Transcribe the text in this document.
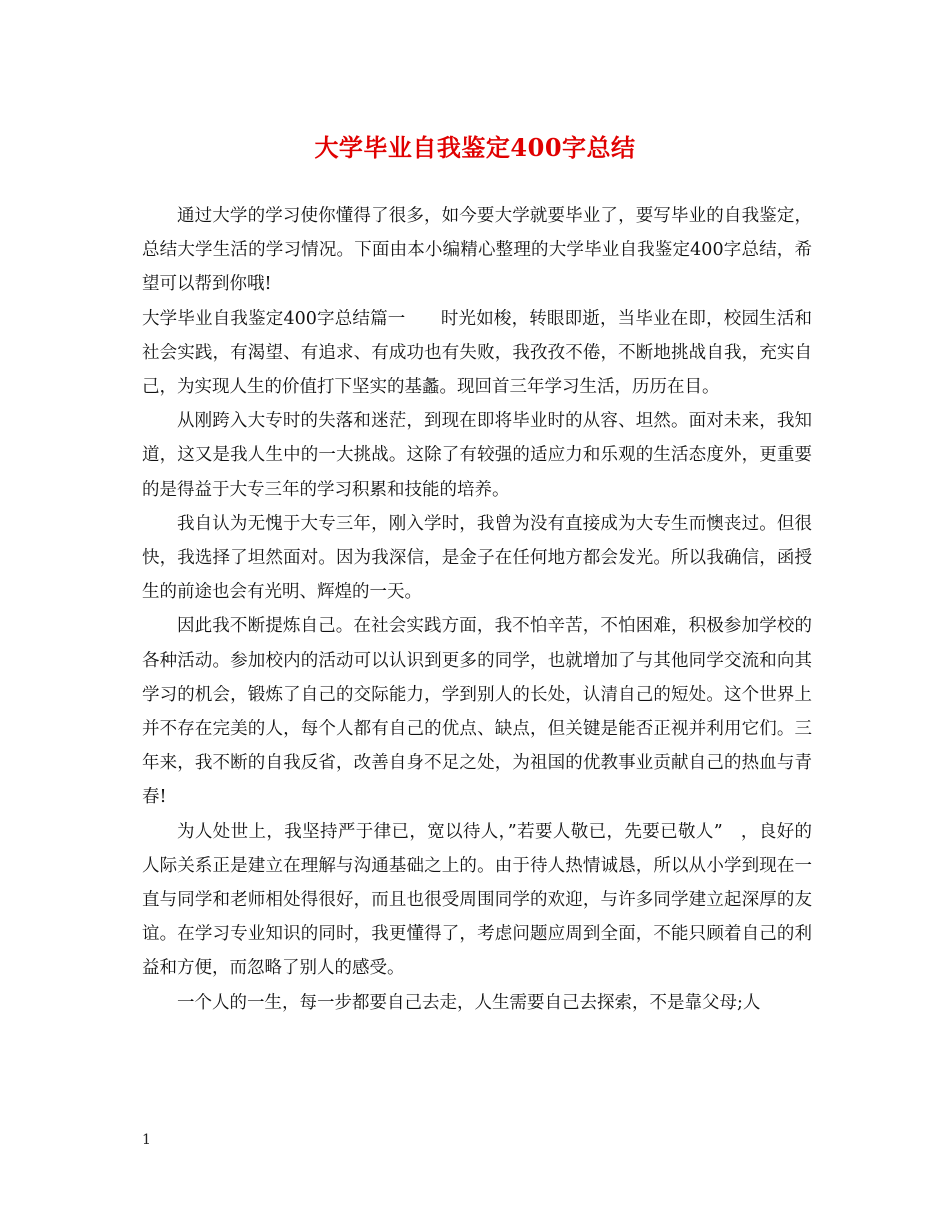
大学毕业自我鉴定400字总结

通过大学的学习使你懂得了很多，如今要大学就要毕业了，要写毕业的自我鉴定，总结大学生活的学习情况。下面由本小编精心整理的大学毕业自我鉴定400字总结，希望可以帮到你哦!

大学毕业自我鉴定400字总结篇一　　时光如梭，转眼即逝，当毕业在即，校园生活和社会实践，有渴望、有追求、有成功也有失败，我孜孜不倦，不断地挑战自我，充实自己，为实现人生的价值打下坚实的基蠡。现回首三年学习生活，历历在目。

从刚跨入大专时的失落和迷茫，到现在即将毕业时的从容、坦然。面对未来，我知道，这又是我人生中的一大挑战。这除了有较强的适应力和乐观的生活态度外，更重要的是得益于大专三年的学习积累和技能的培养。

我自认为无愧于大专三年，刚入学时，我曾为没有直接成为大专生而懊丧过。但很快，我选择了坦然面对。因为我深信，是金子在任何地方都会发光。所以我确信，函授生的前途也会有光明、辉煌的一天。

因此我不断提炼自己。在社会实践方面，我不怕辛苦，不怕困难，积极参加学校的各种活动。参加校内的活动可以认识到更多的同学，也就增加了与其他同学交流和向其学习的机会，锻炼了自己的交际能力，学到别人的长处，认清自己的短处。这个世界上并不存在完美的人，每个人都有自己的优点、缺点，但关键是能否正视并利用它们。三年来，我不断的自我反省，改善自身不足之处，为祖国的优教事业贡献自己的热血与青春!

为人处世上，我坚持严于律已，宽以待人，”若要人敬已，先要已敬人”　，良好的人际关系正是建立在理解与沟通基础之上的。由于待人热情诚恳，所以从小学到现在一直与同学和老师相处得很好，而且也很受周围同学的欢迎，与许多同学建立起深厚的友谊。在学习专业知识的同时，我更懂得了，考虑问题应周到全面，不能只顾着自己的利益和方便，而忽略了别人的感受。

一个人的一生，每一步都要自己去走，人生需要自己去探索，不是靠父母;人

1
